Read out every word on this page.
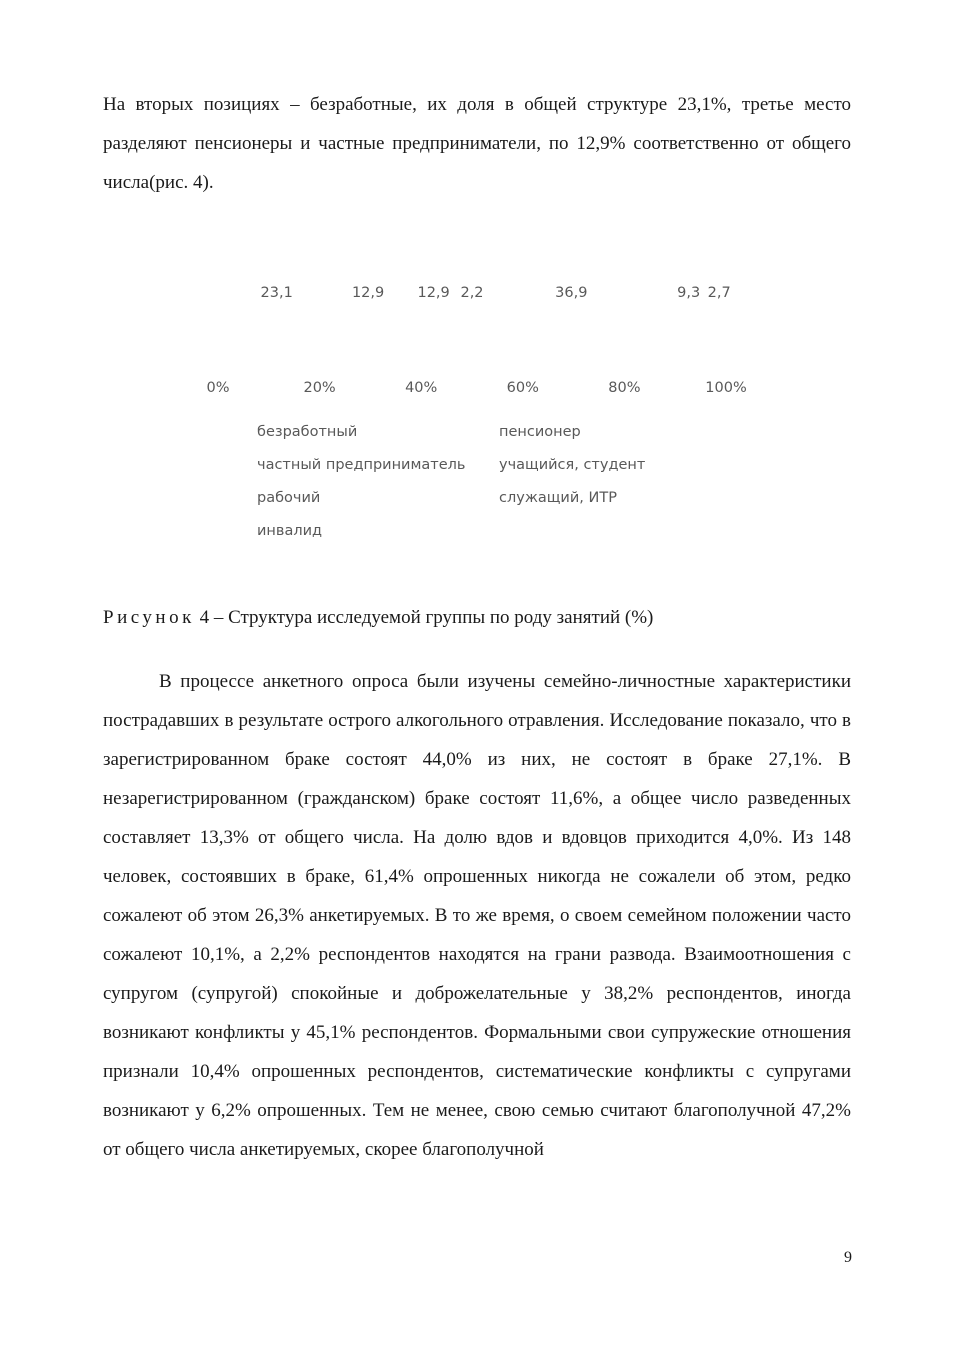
На вторых позициях – безработные, их доля в общей структуре 23,1%, третье место разделяют пенсионеры и частные предприниматели, по 12,9% соответственно от общего числа(рис. 4).

23,1	12,9 12,9 2,2	36,9	9,3 2,7
0%	20%	40%	60%	80%	100%
безработный
частный предприниматель
рабочий
инвалид
пенсионер
учащийся, студент
служащий, ИТР
Рисунок 4 – Структура исследуемой группы по роду занятий (%)

В процессе анкетного опроса были изучены семейно-личностные характеристики пострадавших в результате острого алкогольного отравления. Исследование показало, что в зарегистрированном браке состоят 44,0% из них, не состоят в браке 27,1%. В незарегистрированном (гражданском) браке состоят 11,6%, а общее число разведенных составляет 13,3% от общего числа. На долю вдов и вдовцов приходится 4,0%. Из 148 человек, состоявших в браке, 61,4% опрошенных никогда не сожалели об этом, редко сожалеют об этом 26,3% анкетируемых. В то же время, о своем семейном положении часто сожалеют 10,1%, а 2,2% респондентов находятся на грани развода. Взаимоотношения с супругом (супругой) спокойные и доброжелательные у 38,2% респондентов, иногда возникают конфликты у 45,1% респондентов. Формальными свои супружеские отношения признали 10,4% опрошенных респондентов, систематические конфликты с супругами возникают у 6,2% опрошенных. Тем не менее, свою семью считают благополучной 47,2% от общего числа анкетируемых, скорее благополучной

9
